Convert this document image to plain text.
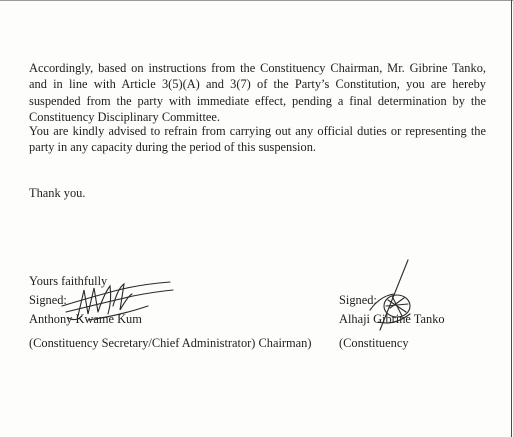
Accordingly, based on instructions from the Constituency Chairman, Mr. Gibrine Tanko, and in line with Article 3(5)(A) and 3(7) of the Party’s Constitution, you are hereby suspended from the party with immediate effect, pending a final determination by the Constituency Disciplinary Committee.

You are kindly advised to refrain from carrying out any official duties or representing the party in any capacity during the period of this suspension.

Thank you.

Yours faithfully
Signed:
Anthony Kwame Kum
(Constituency Secretary/Chief Administrator) Chairman)
Signed:
Alhaji Gibrine Tanko
(Constituency
